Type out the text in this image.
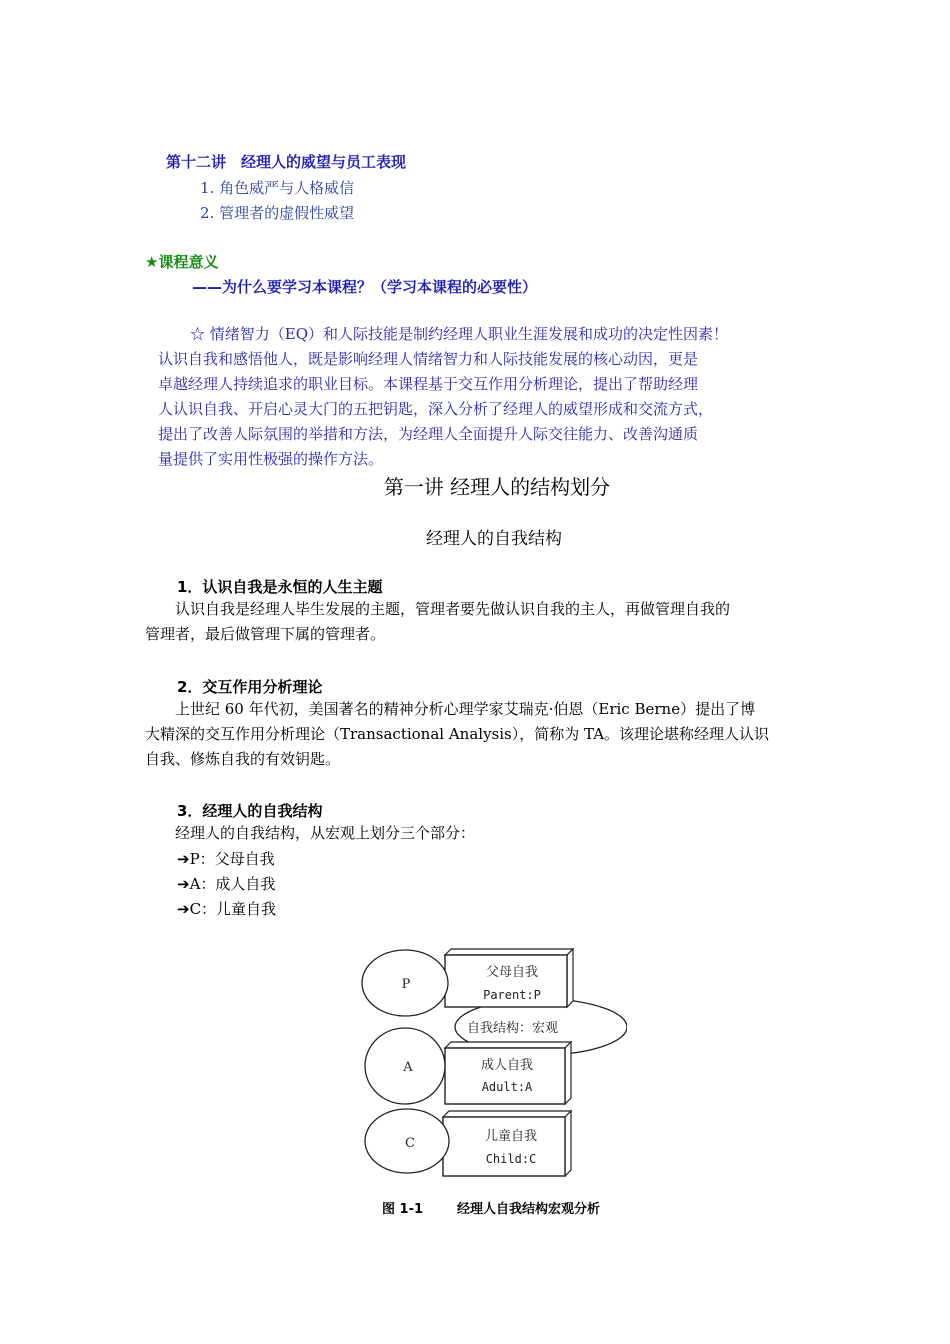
第十二讲　经理人的威望与员工表现
1. 角色威严与人格威信
2. 管理者的虚假性威望
★课程意义
——为什么要学习本课程？（学习本课程的必要性）
☆ 情绪智力（EQ）和人际技能是制约经理人职业生涯发展和成功的决定性因素！
认识自我和感悟他人，既是影响经理人情绪智力和人际技能发展的核心动因，更是
卓越经理人持续追求的职业目标。本课程基于交互作用分析理论，提出了帮助经理
人认识自我、开启心灵大门的五把钥匙，深入分析了经理人的威望形成和交流方式，
提出了改善人际氛围的举措和方法，为经理人全面提升人际交往能力、改善沟通质
量提供了实用性极强的操作方法。
第一讲 经理人的结构划分
经理人的自我结构
1．认识自我是永恒的人生主题
　　认识自我是经理人毕生发展的主题，管理者要先做认识自我的主人，再做管理自我的
管理者，最后做管理下属的管理者。
2．交互作用分析理论
　　上世纪 60 年代初，美国著名的精神分析心理学家艾瑞克·伯恩（Eric Berne）提出了博
大精深的交互作用分析理论（Transactional Analysis），简称为 TA。该理论堪称经理人认识
自我、修炼自我的有效钥匙。
3．经理人的自我结构
　　经理人的自我结构，从宏观上划分三个部分：
➔P：父母自我
➔A：成人自我
➔C：儿童自我
自我结构：宏观
P
A
C
父母自我
Parent:P
成人自我
Adult:A
儿童自我
Child:C
图 1-1	经理人自我结构宏观分析
